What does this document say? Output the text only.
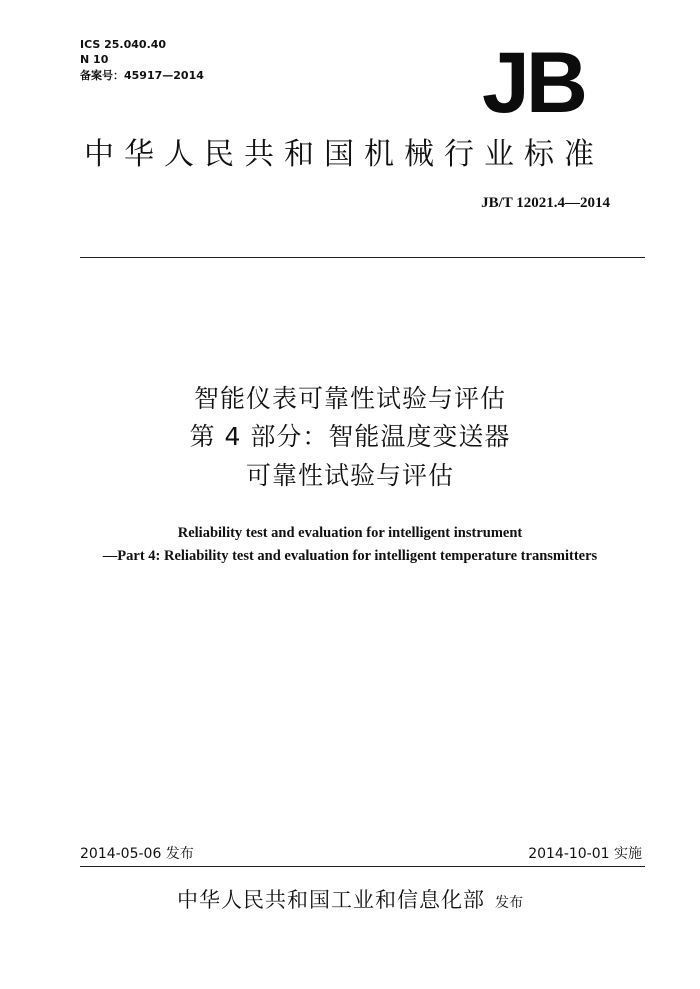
ICS 25.040.40
N 10
备案号：45917—2014	JB
中华人民共和国机械行业标准
JB/T 12021.4—2014
智能仪表可靠性试验与评估
第 4 部分：智能温度变送器
可靠性试验与评估
Reliability test and evaluation for intelligent instrument
—Part 4: Reliability test and evaluation for intelligent temperature transmitters
2014-05-06 发布	2014-10-01 实施
中华人民共和国工业和信息化部 发布
